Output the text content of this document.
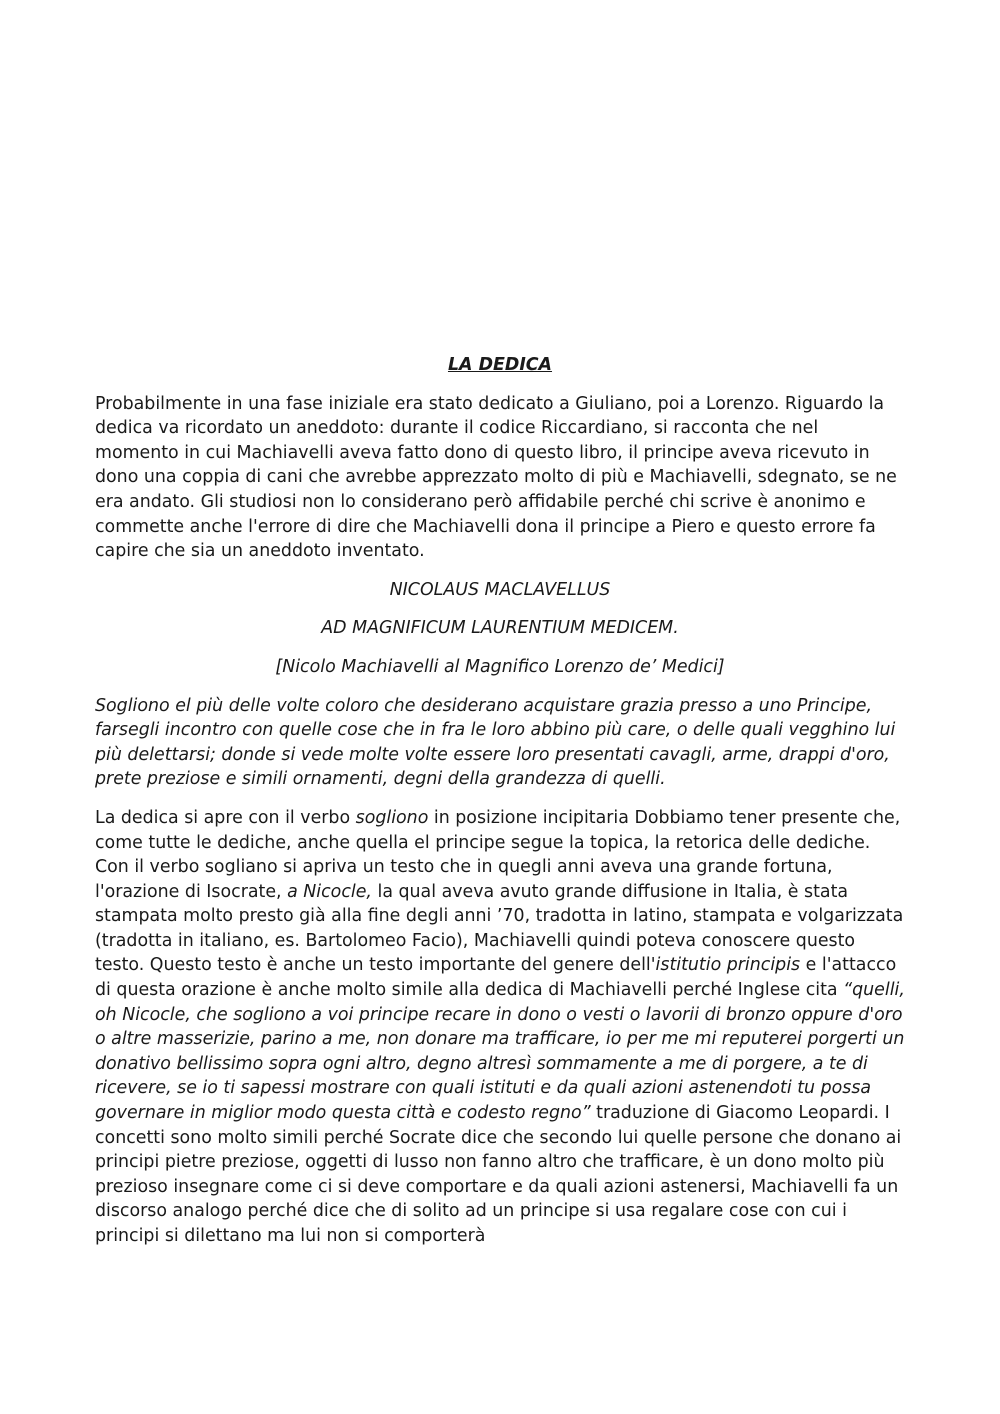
LA DEDICA

Probabilmente in una fase iniziale era stato dedicato a Giuliano, poi a Lorenzo. Riguardo la dedica va ricordato un aneddoto: durante il codice Riccardiano, si racconta che nel momento in cui Machiavelli aveva fatto dono di questo libro, il principe aveva ricevuto in dono una coppia di cani che avrebbe apprezzato molto di più e Machiavelli, sdegnato, se ne era andato. Gli studiosi non lo considerano però affidabile perché chi scrive è anonimo e commette anche l'errore di dire che Machiavelli dona il principe a Piero e questo errore fa capire che sia un aneddoto inventato.

NICOLAUS MACLAVELLUS

AD MAGNIFICUM LAURENTIUM MEDICEM.

[Nicolo Machiavelli al Magnifico Lorenzo de’ Medici]

Sogliono el più delle volte coloro che desiderano acquistare grazia presso a uno Principe, farsegli incontro con quelle cose che in fra le loro abbino più care, o delle quali vegghino lui più delettarsi; donde si vede molte volte essere loro presentati cavagli, arme, drappi d'oro, prete preziose e simili ornamenti, degni della grandezza di quelli.

La dedica si apre con il verbo sogliono in posizione incipitaria Dobbiamo tener presente che, come tutte le dediche, anche quella el principe segue la topica, la retorica delle dediche. Con il verbo sogliano si apriva un testo che in quegli anni aveva una grande fortuna, l'orazione di Isocrate, a Nicocle, la qual aveva avuto grande diffusione in Italia, è stata stampata molto presto già alla fine degli anni ’70, tradotta in latino, stampata e volgarizzata (tradotta in italiano, es. Bartolomeo Facio), Machiavelli quindi poteva conoscere questo testo. Questo testo è anche un testo importante del genere dell'istitutio principis e l'attacco di questa orazione è anche molto simile alla dedica di Machiavelli perché Inglese cita “quelli, oh Nicocle, che sogliono a voi principe recare in dono o vesti o lavorii di bronzo oppure d'oro o altre masserizie, parino a me, non donare ma trafficare, io per me mi reputerei porgerti un donativo bellissimo sopra ogni altro, degno altresì sommamente a me di porgere, a te di ricevere, se io ti sapessi mostrare con quali istituti e da quali azioni astenendoti tu possa governare in miglior modo questa città e codesto regno” traduzione di Giacomo Leopardi. I concetti sono molto simili perché Socrate dice che secondo lui quelle persone che donano ai principi pietre preziose, oggetti di lusso non fanno altro che trafficare, è un dono molto più prezioso insegnare come ci si deve comportare e da quali azioni astenersi, Machiavelli fa un discorso analogo perché dice che di solito ad un principe si usa regalare cose con cui i principi si dilettano ma lui non si comporterà
